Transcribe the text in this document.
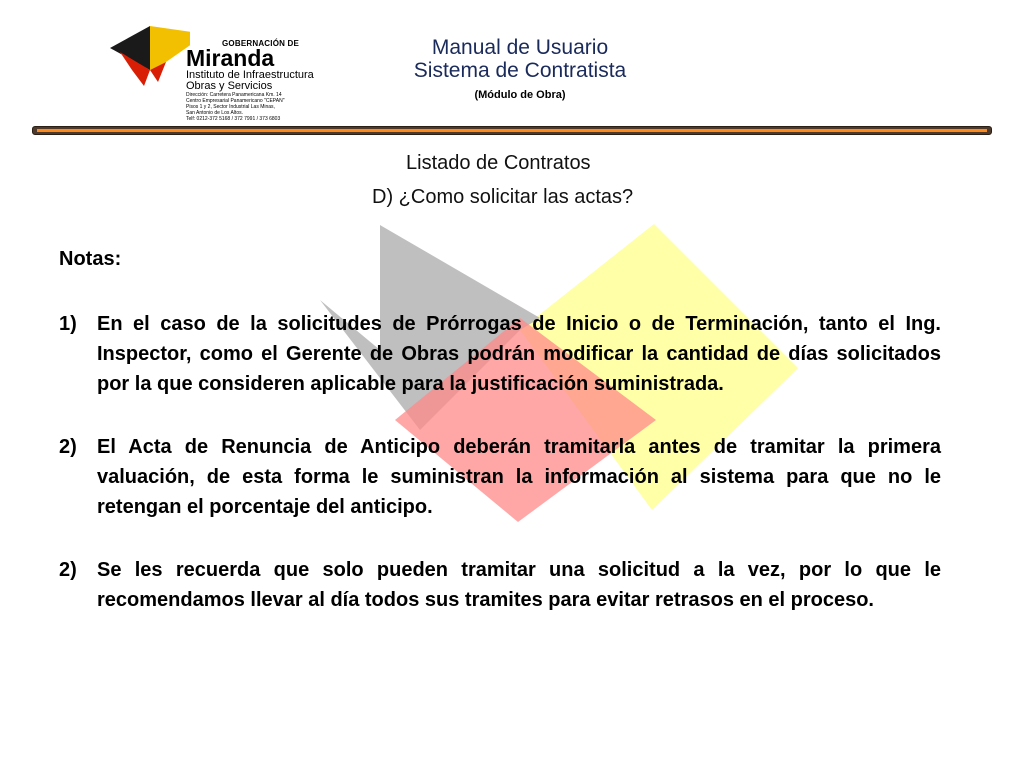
GOBERNACIÓN DE
Miranda
Instituto de Infraestructura
Obras y Servicios
Dirección: Carretera Panamericana Km. 14
Centro Empresarial Panamericano "CEPAN"
Pisos 1 y 2, Sector Industrial Las Minas,
San Antonio de Los Altos.
Telf: 0212-372 5168 / 372 7991 / 373 6803
Manual de Usuario
Sistema de Contratista
(Módulo de Obra)
Listado de Contratos
D) ¿Como solicitar las actas?
Notas:
1)	En el caso de la solicitudes de Prórrogas de Inicio o de Terminación, tanto el Ing. Inspector, como el Gerente de Obras podrán modificar la cantidad de días solicitados por la que consideren aplicable para la justificación suministrada.
2)	El Acta de Renuncia de Anticipo deberán tramitarla antes de tramitar la primera valuación, de esta forma le suministran la información al sistema para que no le retengan el porcentaje del anticipo.
2)	Se les recuerda que solo pueden tramitar una solicitud a la vez, por lo que le recomendamos llevar al día todos sus tramites para evitar retrasos en el proceso.
